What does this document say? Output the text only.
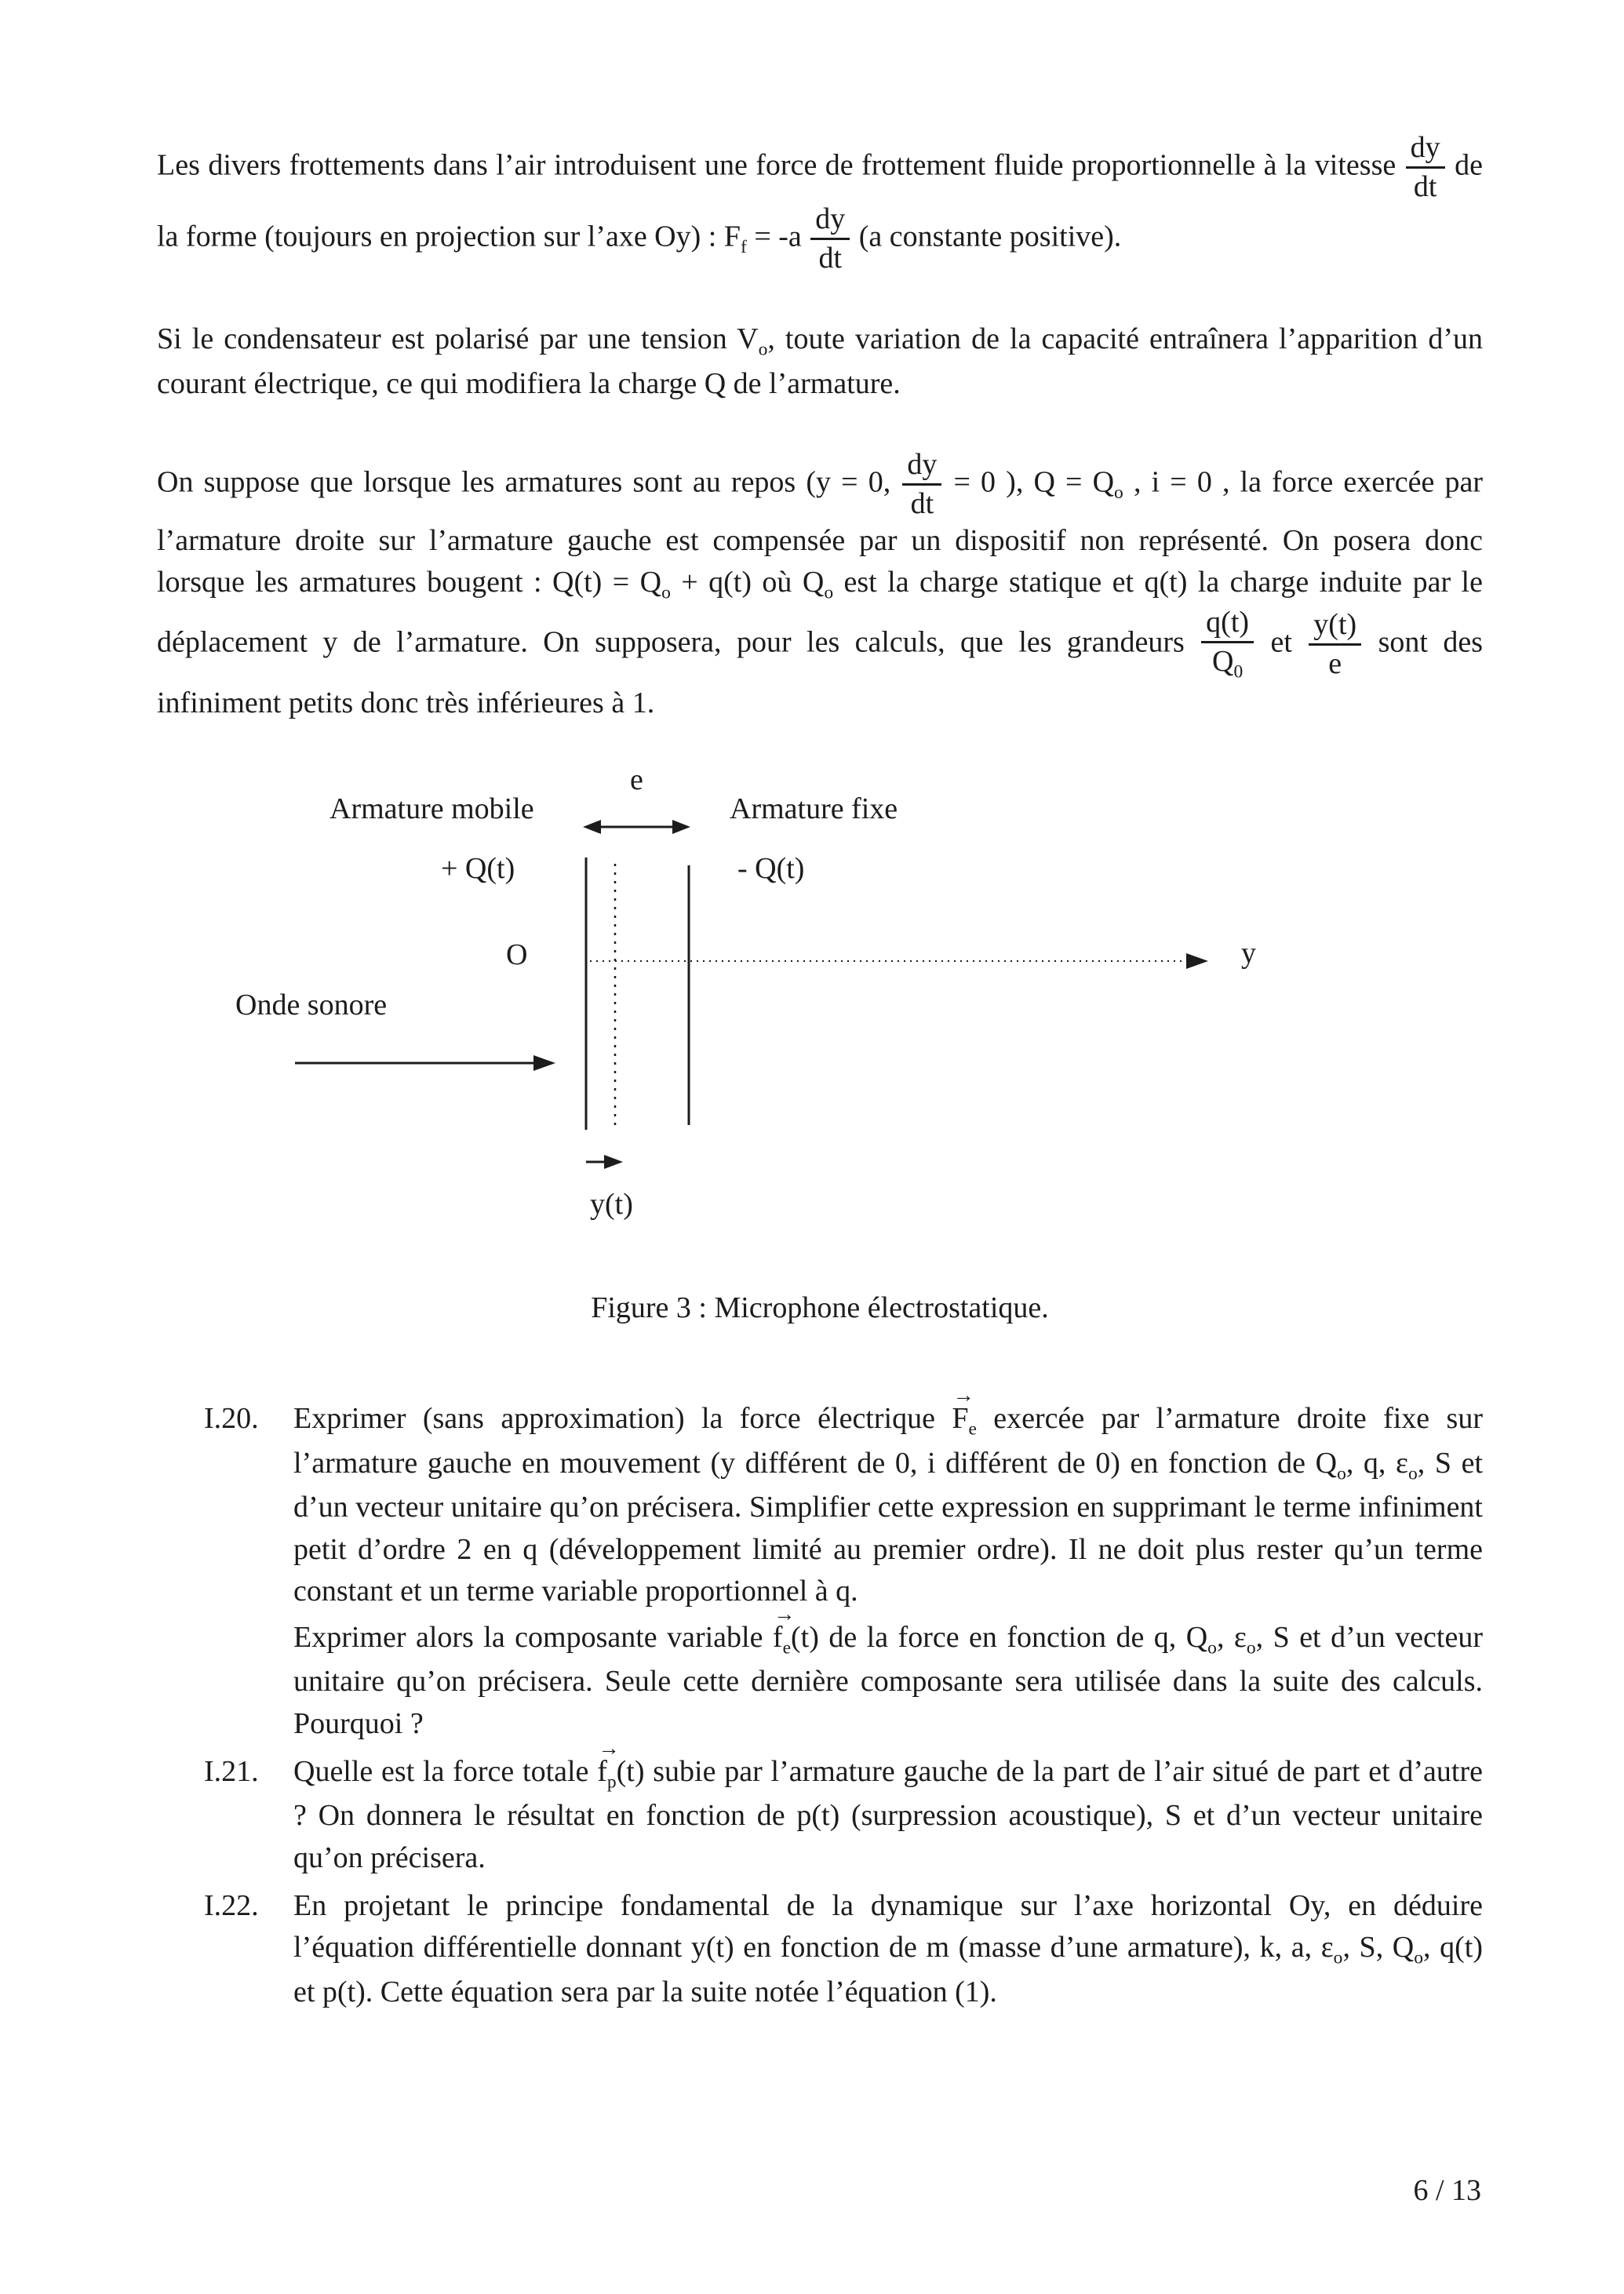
Les divers frottements dans l’air introduisent une force de frottement fluide proportionnelle à la vitesse $\frac{dy}{dt}$ de la forme (toujours en projection sur l’axe Oy) : $F_f = -a \frac{dy}{dt} (a$ constante positive).

Si le condensateur est polarisé par une tension $V_o$, toute variation de la capacité entraînera l’apparition d’un courant électrique, ce qui modifiera la charge Q de l’armature.

On suppose que lorsque les armatures sont au repos (y = 0, $\frac{dy}{dt} = 0$ ), $Q = Q_o$ , i = 0 , la force exercée par l’armature droite sur l’armature gauche est compensée par un dispositif non représenté. On posera donc lorsque les armatures bougent : $Q(t) = Q_o + q(t)$ où $Q_o$ est la charge statique et q(t) la charge induite par le déplacement y de l’armature. On supposera, pour les calculs, que les grandeurs $\frac{q(t)}{Q_0}$ et $\frac{y(t)}{e}$ sont des infiniment petits donc très inférieures à 1.

e
Armature mobile	Armature fixe
+ Q(t)	- Q(t)
O	y
Onde sonore
y(t)

Figure 3 : Microphone électrostatique.

I.20. Exprimer (sans approximation) la force électrique
→
$F_e$ exercée par l’armature droite fixe sur l’armature gauche en mouvement (y différent de 0, i différent de 0) en fonction de $Q_o$, q, $\varepsilon_o$, S et d’un vecteur unitaire qu’on précisera. Simplifier cette expression en supprimant le terme infiniment petit d’ordre 2 en q (développement limité au premier ordre). Il ne doit plus rester qu’un terme constant et un terme variable proportionnel à q.

Exprimer alors la composante variable
→
$f_e(t)$ de la force en fonction de q, $Q_o$, $\varepsilon_o$, S et d’un vecteur unitaire qu’on précisera. Seule cette dernière composante sera utilisée dans la suite des calculs. Pourquoi ?

I.21. Quelle est la force totale
→
$f_p(t)$ subie par l’armature gauche de la part de l’air situé de part et d’autre ? On donnera le résultat en fonction de p(t) (surpression acoustique), S et d’un vecteur unitaire qu’on précisera.

I.22. En projetant le principe fondamental de la dynamique sur l’axe horizontal Oy, en déduire l’équation différentielle donnant y(t) en fonction de m (masse d’une armature), k, a, $\varepsilon_o$, S, $Q_o$, q(t) et p(t). Cette équation sera par la suite notée l’équation (1).

6 / 13
